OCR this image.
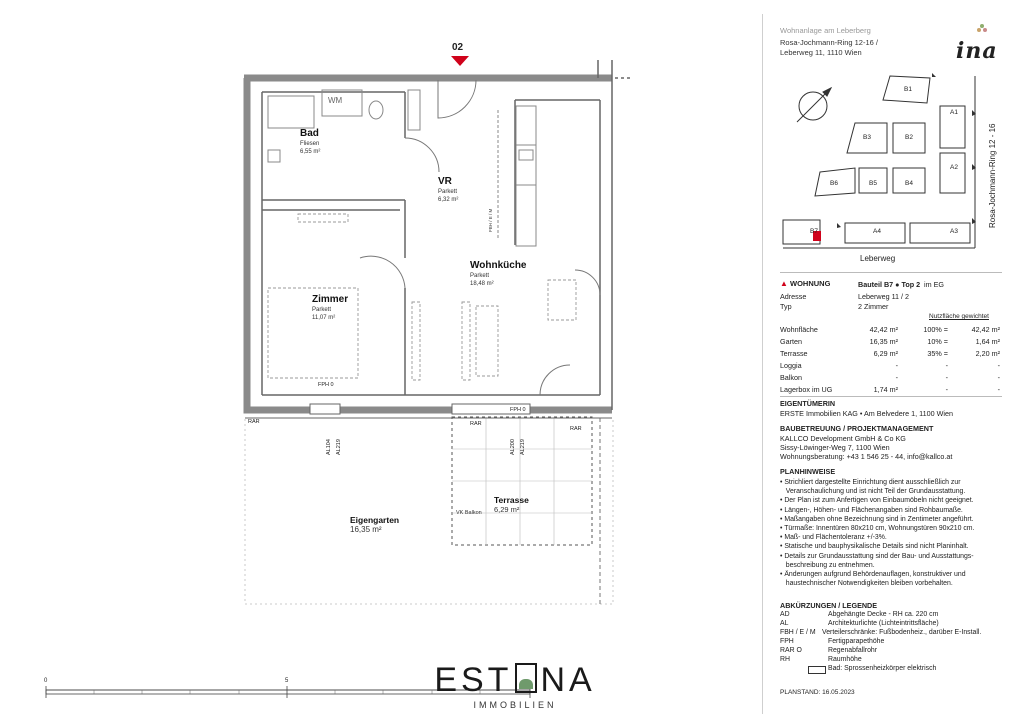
02
WM
Bad
Fliesen
6,55 m²
VR
Parkett
6,32 m²
Wohnküche
Parkett
18,48 m²
Zimmer
Parkett
11,07 m²
Terrasse
6,29 m²
Eigengarten
16,35 m²
FPH 0
FPH 0
RAR	RAR
RAR
VK Balkon
FBH / E / M
AL104 AL219	AL200 AL219
0	5	EST NA
IMMOBILIEN
Wohnanlage am Leberberg
Rosa-Jochmann-Ring 12-16 /
Leberweg 11, 1110 Wien	ina
B1
A1
B3	B2
A2
B6	B5	B4
B7	A4	A3
Rosa-Jochmann-Ring 12 - 16
Leberweg
▲ WOHNUNG	Bauteil B7 ● Top 2 im EG
Adresse	Leberweg 11 / 2
Typ	2 Zimmer
Nutzfläche gewichtet
Wohnfläche	42,42 m²	100% =	42,42 m²
Garten	16,35 m²	10% =	1,64 m²
Terrasse	6,29 m²	35% =	2,20 m²
Loggia	-	-	-
Balkon	-	-	-
Lagerbox im UG	1,74 m²	-	-
EIGENTÜMERIN
ERSTE Immobilien KAG • Am Belvedere 1, 1100 Wien
BAUBETREUUNG / PROJEKTMANAGEMENT
KALLCO Development GmbH & Co KG
Sissy-Löwinger-Weg 7, 1100 Wien
Wohnungsberatung: +43 1 546 25 - 44, info@kallco.at
PLANHINWEISE
• Strichliert dargestellte Einrichtung dient ausschließlich zur
Veranschaulichung und ist nicht Teil der Grundausstattung.
• Der Plan ist zum Anfertigen von Einbaumöbeln nicht geeignet.
• Längen-, Höhen- und Flächenangaben sind Rohbaumaße.
• Maßangaben ohne Bezeichnung sind in Zentimeter angeführt.
• Türmaße: Innentüren 80x210 cm, Wohnungstüren 90x210 cm.
• Maß- und Flächentoleranz +/-3%.
• Statische und bauphysikalische Details sind nicht Planinhalt.
• Details zur Grundausstattung sind der Bau- und Ausstattungs-
beschreibung zu entnehmen.
• Änderungen aufgrund Behördenauflagen, konstruktiver und
haustechnischer Notwendigkeiten bleiben vorbehalten.
ABKÜRZUNGEN / LEGENDE
AD	Abgehängte Decke - RH ca. 220 cm
AL	Architekturlichte (Lichteintrittsfläche)
FBH / E / M Verteilerschränke: Fußbodenheiz., darüber E-Install.
FPH	Fertigparapethöhe
RAR O	Regenabfallrohr
RH	Raumhöhe
Bad: Sprossenheizkörper elektrisch
PLANSTAND: 16.05.2023
